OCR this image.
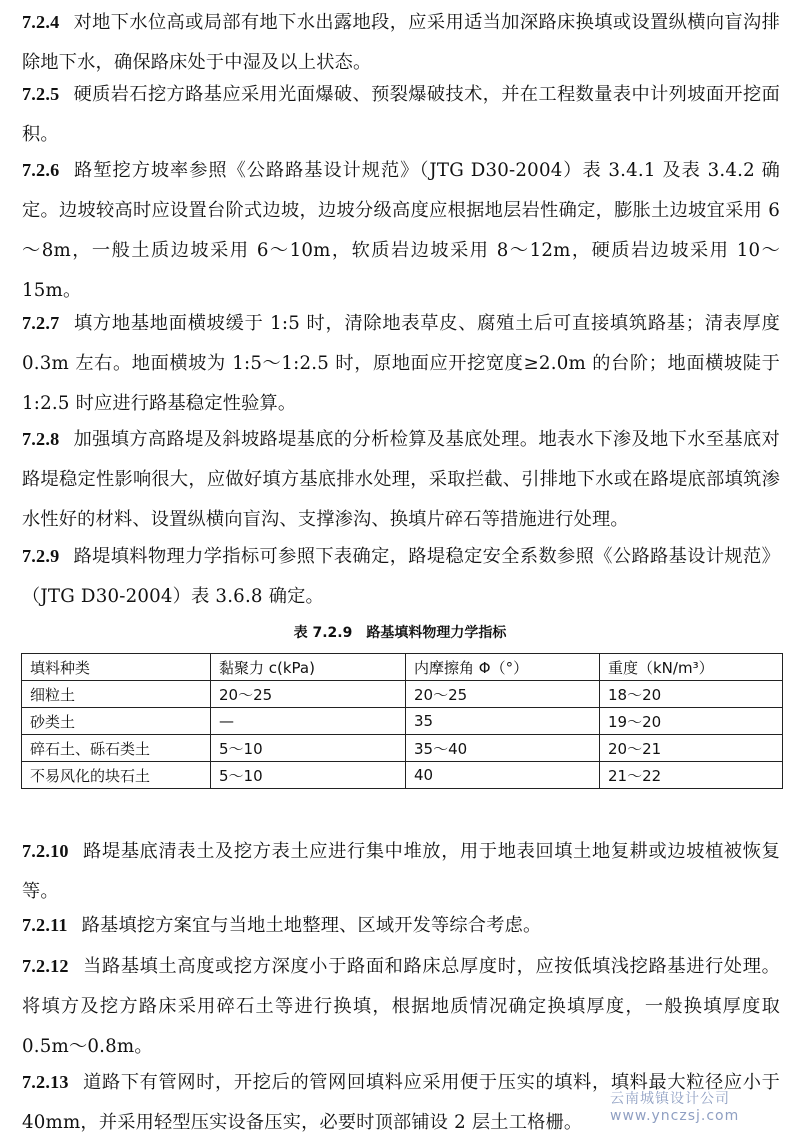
7.2.4 对地下水位高或局部有地下水出露地段，应采用适当加深路床换填或设置纵横向盲沟排除地下水，确保路床处于中湿及以上状态。

7.2.5 硬质岩石挖方路基应采用光面爆破、预裂爆破技术，并在工程数量表中计列坡面开挖面积。

7.2.6 路堑挖方坡率参照《公路路基设计规范》（JTG D30-2004）表 3.4.1 及表 3.4.2 确定。边坡较高时应设置台阶式边坡，边坡分级高度应根据地层岩性确定，膨胀土边坡宜采用 6～8m，一般土质边坡采用 6～10m，软质岩边坡采用 8～12m，硬质岩边坡采用 10～15m。

7.2.7 填方地基地面横坡缓于 1:5 时，清除地表草皮、腐殖土后可直接填筑路基；清表厚度 0.3m 左右。地面横坡为 1:5～1:2.5 时，原地面应开挖宽度≥2.0m 的台阶；地面横坡陡于 1:2.5 时应进行路基稳定性验算。

7.2.8 加强填方高路堤及斜坡路堤基底的分析检算及基底处理。地表水下渗及地下水至基底对路堤稳定性影响很大，应做好填方基底排水处理，采取拦截、引排地下水或在路堤底部填筑渗水性好的材料、设置纵横向盲沟、支撑渗沟、换填片碎石等措施进行处理。

7.2.9 路堤填料物理力学指标可参照下表确定，路堤稳定安全系数参照《公路路基设计规范》（JTG D30-2004）表 3.6.8 确定。

表 7.2.9 路基填料物理力学指标
填料种类	黏聚力 c(kPa)	内摩擦角 Φ（°）	重度（kN/m³）
细粒土	20～25	20～25	18～20
砂类土	—	35	19～20
碎石土、砾石类土	5～10	35～40	20～21
不易风化的块石土	5～10	40	21～22

7.2.10 路堤基底清表土及挖方表土应进行集中堆放，用于地表回填土地复耕或边坡植被恢复等。

7.2.11 路基填挖方案宜与当地土地整理、区域开发等综合考虑。

7.2.12 当路基填土高度或挖方深度小于路面和路床总厚度时，应按低填浅挖路基进行处理。将填方及挖方路床采用碎石土等进行换填，根据地质情况确定换填厚度，一般换填厚度取 0.5m～0.8m。

7.2.13 道路下有管网时，开挖后的管网回填料应采用便于压实的填料，填料最大粒径应小于 40mm，并采用轻型压实设备压实，必要时顶部铺设 2 层土工格栅。

云南城镇设计公司 www.ynczsj.com
